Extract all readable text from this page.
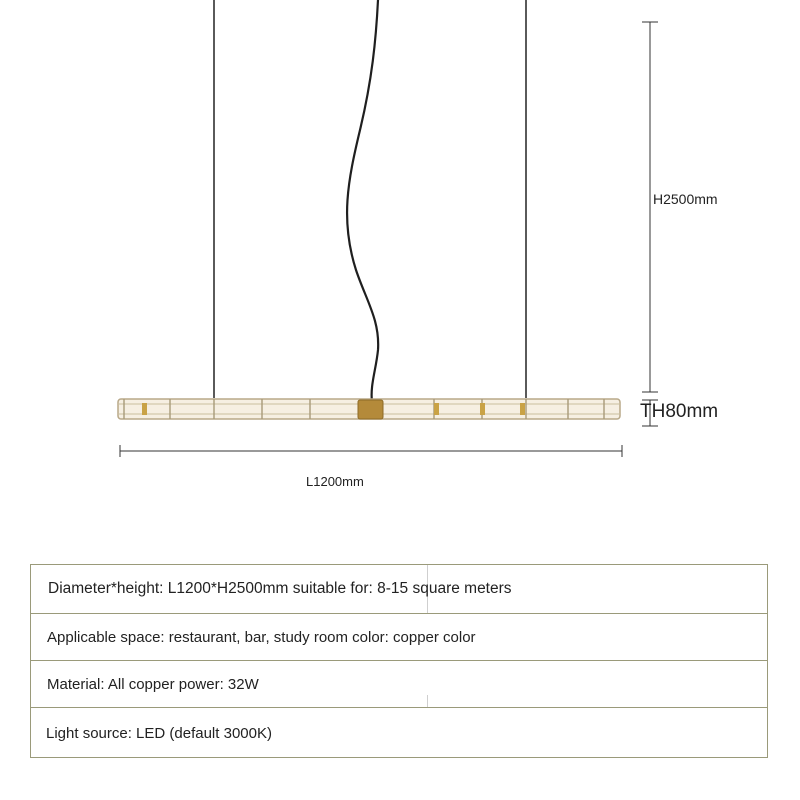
H2500mm
TH80mm
L1200mm
Diameter*height: L1200*H2500mm suitable for: 8-15 square meters
Applicable space: restaurant, bar, study room color: copper color
Material: All copper power: 32W
Light source: LED (default 3000K)
